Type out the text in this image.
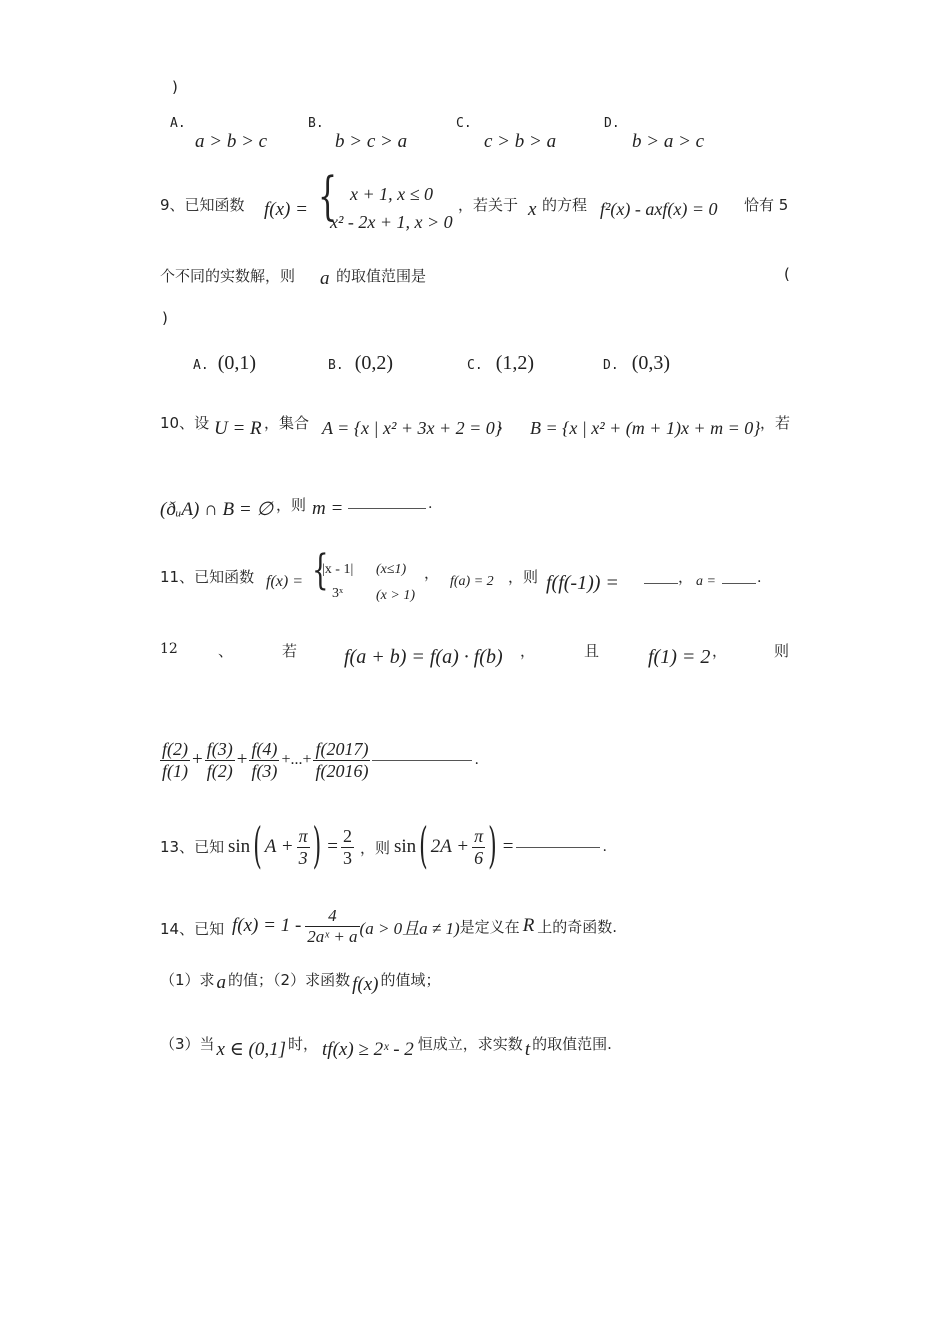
)
A.
a > b > c
B.
b > c > a
C.
c > b > a
D.
b > a > c
9、已知函数 f(x) = { x + 1, x ≤ 0
x² - 2x + 1, x > 0
，若关于 x 的方程 f²(x) - axf(x) = 0 恰有 5
个不同的实数解，则 a 的取值范围是	(
)
A. (0,1)	B. (0,2)	C. (1,2)	D. (0,3)
10、设 U = R ，集合 A = {x | x² + 3x + 2 = 0}
， B = {x | x² + (m + 1)x + m = 0} ，若
(ðᵤA) ∩ B = ∅ ，则 m =	.
11、已知函数 f(x) = {
|x - 1| (x≤1) ，
3ˣ (x > 1)
f(a) = 2 ，则 f(f(-1)) =	， a =	.
12	、	若 f(a + b) = f(a) · f(b) ，	且 f(1) = 2 ，	则
$\frac{f(2)}{f(1)} + \frac{f(3)}{f(2)} + \frac{f(4)}{f(3)}$ +...+ $\frac{f(2017)}{f(2016)}$	.
13、已知 sin ( $A + \frac{\pi}{3}$ ) = $\frac{2}{3}$ ，则 sin ( $2A + \frac{\pi}{6}$ ) =	.
14、已知 $f(x) = 1 - \frac{4}{\text{2aˣ + a}} (a > 0$且a ≠ 1) 是定义在 R 上的奇函数.
（1）求 a 的值；（2）求函数 f(x) 的值域；
（3）当 x ∈ (0,1] 时， tf(x) ≥ 2ˣ - 2 恒成立，求实数 t 的取值范围.
